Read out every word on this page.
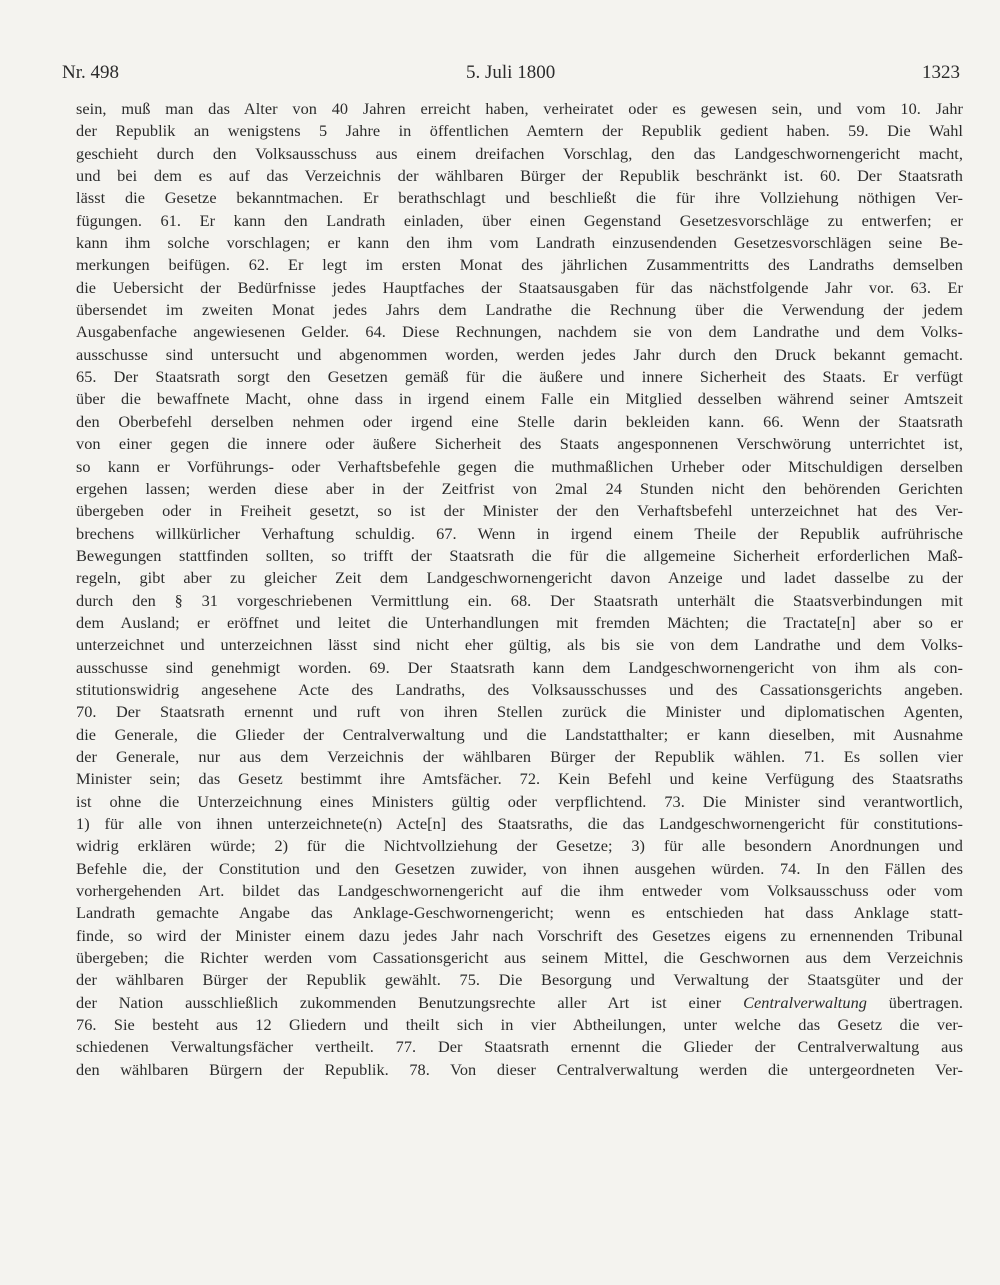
Nr. 498	5. Juli 1800	1323
sein, muß man das Alter von 40 Jahren erreicht haben, verheiratet oder es gewesen sein, und vom 10. Jahr
der Republik an wenigstens 5 Jahre in öffentlichen Aemtern der Republik gedient haben. 59. Die Wahl
geschieht durch den Volksausschuss aus einem dreifachen Vorschlag, den das Landgeschwornengericht macht,
und bei dem es auf das Verzeichnis der wählbaren Bürger der Republik beschränkt ist. 60. Der Staatsrath
lässt die Gesetze bekanntmachen. Er berathschlagt und beschließt die für ihre Vollziehung nöthigen Ver-
fügungen. 61. Er kann den Landrath einladen, über einen Gegenstand Gesetzesvorschläge zu entwerfen; er
kann ihm solche vorschlagen; er kann den ihm vom Landrath einzusendenden Gesetzesvorschlägen seine Be-
merkungen beifügen. 62. Er legt im ersten Monat des jährlichen Zusammentritts des Landraths demselben
die Uebersicht der Bedürfnisse jedes Hauptfaches der Staatsausgaben für das nächstfolgende Jahr vor. 63. Er
übersendet im zweiten Monat jedes Jahrs dem Landrathe die Rechnung über die Verwendung der jedem
Ausgabenfache angewiesenen Gelder. 64. Diese Rechnungen, nachdem sie von dem Landrathe und dem Volks-
ausschusse sind untersucht und abgenommen worden, werden jedes Jahr durch den Druck bekannt gemacht.
65. Der Staatsrath sorgt den Gesetzen gemäß für die äußere und innere Sicherheit des Staats. Er verfügt
über die bewaffnete Macht, ohne dass in irgend einem Falle ein Mitglied desselben während seiner Amtszeit
den Oberbefehl derselben nehmen oder irgend eine Stelle darin bekleiden kann. 66. Wenn der Staatsrath
von einer gegen die innere oder äußere Sicherheit des Staats angesponnenen Verschwörung unterrichtet ist,
so kann er Vorführungs- oder Verhaftsbefehle gegen die muthmaßlichen Urheber oder Mitschuldigen derselben
ergehen lassen; werden diese aber in der Zeitfrist von 2mal 24 Stunden nicht den behörenden Gerichten
übergeben oder in Freiheit gesetzt, so ist der Minister der den Verhaftsbefehl unterzeichnet hat des Ver-
brechens willkürlicher Verhaftung schuldig. 67. Wenn in irgend einem Theile der Republik aufrührische
Bewegungen stattfinden sollten, so trifft der Staatsrath die für die allgemeine Sicherheit erforderlichen Maß-
regeln, gibt aber zu gleicher Zeit dem Landgeschwornengericht davon Anzeige und ladet dasselbe zu der
durch den § 31 vorgeschriebenen Vermittlung ein. 68. Der Staatsrath unterhält die Staatsverbindungen mit
dem Ausland; er eröffnet und leitet die Unterhandlungen mit fremden Mächten; die Tractate[n] aber so er
unterzeichnet und unterzeichnen lässt sind nicht eher gültig, als bis sie von dem Landrathe und dem Volks-
ausschusse sind genehmigt worden. 69. Der Staatsrath kann dem Landgeschwornengericht von ihm als con-
stitutionswidrig angesehene Acte des Landraths, des Volksausschusses und des Cassationsgerichts angeben.
70. Der Staatsrath ernennt und ruft von ihren Stellen zurück die Minister und diplomatischen Agenten,
die Generale, die Glieder der Centralverwaltung und die Landstatthalter; er kann dieselben, mit Ausnahme
der Generale, nur aus dem Verzeichnis der wählbaren Bürger der Republik wählen. 71. Es sollen vier
Minister sein; das Gesetz bestimmt ihre Amtsfächer. 72. Kein Befehl und keine Verfügung des Staatsraths
ist ohne die Unterzeichnung eines Ministers gültig oder verpflichtend. 73. Die Minister sind verantwortlich,
1) für alle von ihnen unterzeichnete(n) Acte[n] des Staatsraths, die das Landgeschwornengericht für constitutions-
widrig erklären würde; 2) für die Nichtvollziehung der Gesetze; 3) für alle besondern Anordnungen und
Befehle die, der Constitution und den Gesetzen zuwider, von ihnen ausgehen würden. 74. In den Fällen des
vorhergehenden Art. bildet das Landgeschwornengericht auf die ihm entweder vom Volksausschuss oder vom
Landrath gemachte Angabe das Anklage-Geschwornengericht; wenn es entschieden hat dass Anklage statt-
finde, so wird der Minister einem dazu jedes Jahr nach Vorschrift des Gesetzes eigens zu ernennenden Tribunal
übergeben; die Richter werden vom Cassationsgericht aus seinem Mittel, die Geschwornen aus dem Verzeichnis
der wählbaren Bürger der Republik gewählt. 75. Die Besorgung und Verwaltung der Staatsgüter und der
der Nation ausschließlich zukommenden Benutzungsrechte aller Art ist einer Centralverwaltung übertragen.
76. Sie besteht aus 12 Gliedern und theilt sich in vier Abtheilungen, unter welche das Gesetz die ver-
schiedenen Verwaltungsfächer vertheilt. 77. Der Staatsrath ernennt die Glieder der Centralverwaltung aus
den wählbaren Bürgern der Republik. 78. Von dieser Centralverwaltung werden die untergeordneten Ver-
